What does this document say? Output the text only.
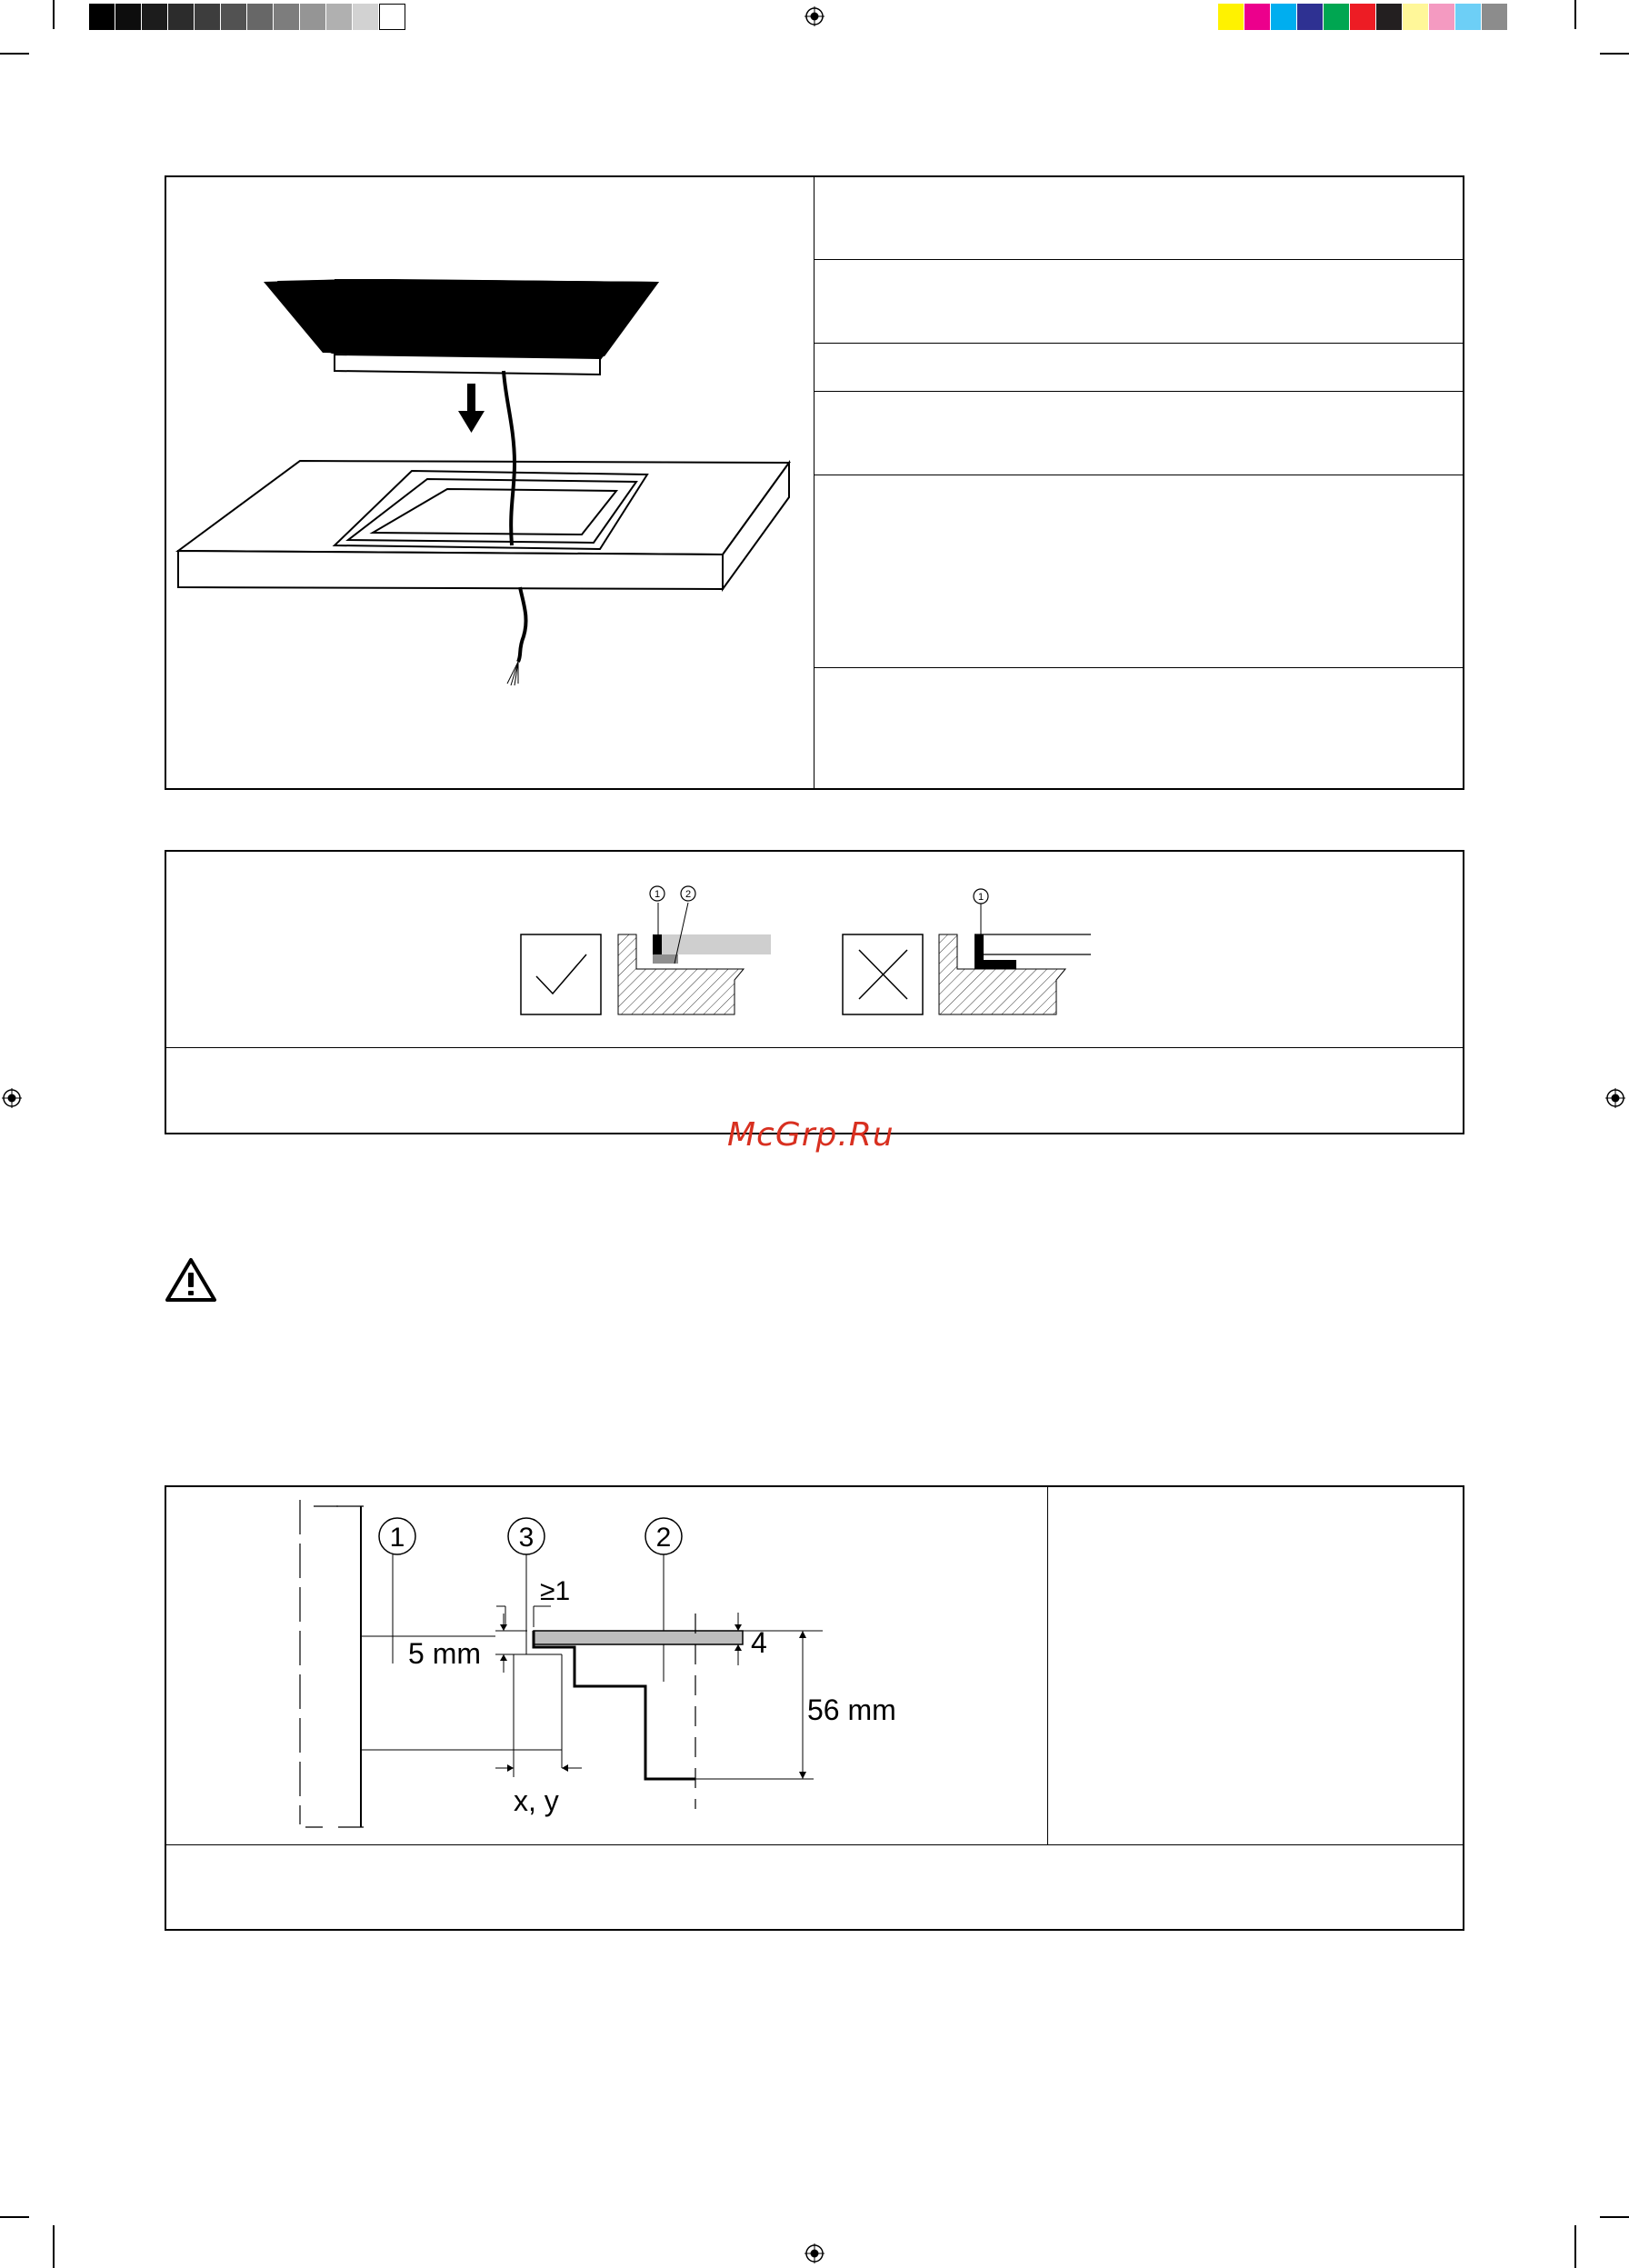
1	2	1
McGrp.Ru
1	3	2
≥1
5 mm	4
56 mm
x, y
